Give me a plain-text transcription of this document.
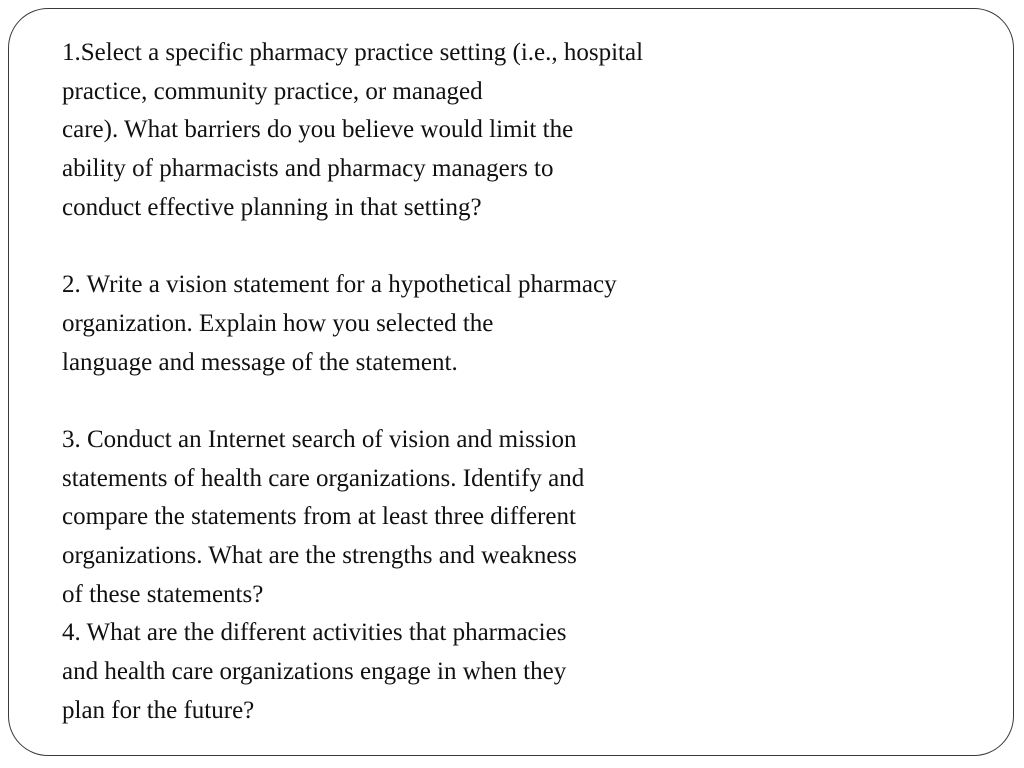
1.Select a specific pharmacy practice setting (i.e., hospital
practice, community practice, or managed
care). What barriers do you believe would limit the
ability of pharmacists and pharmacy managers to
conduct effective planning in that setting?
2. Write a vision statement for a hypothetical pharmacy
organization. Explain how you selected the
language and message of the statement.
3. Conduct an Internet search of vision and mission
statements of health care organizations. Identify and
compare the statements from at least three different
organizations. What are the strengths and weakness
of these statements?
4. What are the different activities that pharmacies
and health care organizations engage in when they
plan for the future?
